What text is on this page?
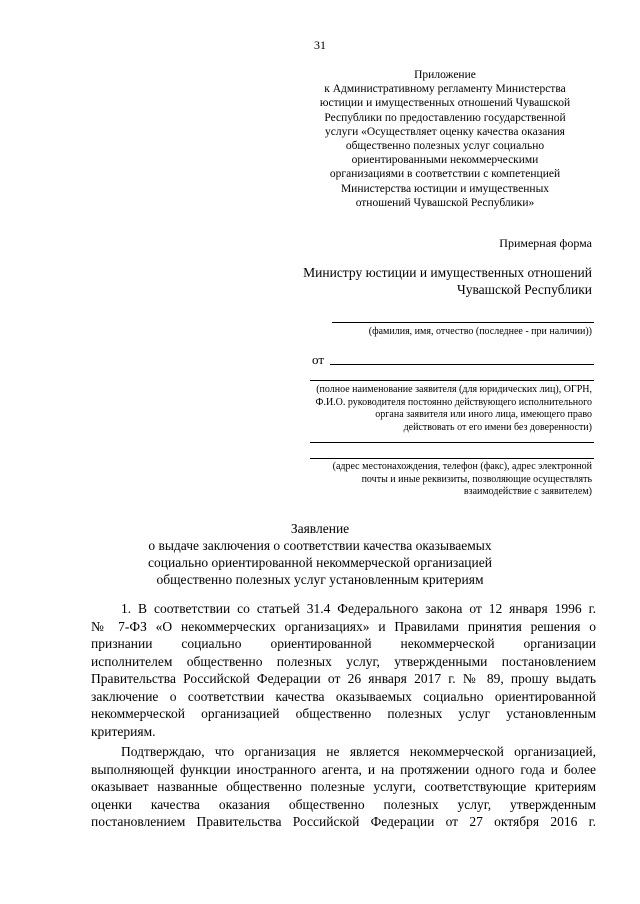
31
Приложение
к Административному регламенту Министерства
юстиции и имущественных отношений Чувашской
Республики по предоставлению государственной
услуги «Осуществляет оценку качества оказания
общественно полезных услуг социально
ориентированными некоммерческими
организациями в соответствии с компетенцией
Министерства юстиции и имущественных
отношений Чувашской Республики»
Примерная форма
Министру юстиции и имущественных отношений
Чувашской Республики
(фамилия, имя, отчество (последнее - при наличии))
от
(полное наименование заявителя (для юридических лиц), ОГРН,
Ф.И.О. руководителя постоянно действующего исполнительного
органа заявителя или иного лица, имеющего право
действовать от его имени без доверенности)
(адрес местонахождения, телефон (факс), адрес электронной
почты и иные реквизиты, позволяющие осуществлять
взаимодействие с заявителем)
Заявление
о выдаче заключения о соответствии качества оказываемых
социально ориентированной некоммерческой организацией
общественно полезных услуг установленным критериям
1. В соответствии со статьей 31.4 Федерального закона от 12 января 1996 г.
№ 7-ФЗ «О некоммерческих организациях» и Правилами принятия решения о
признании социально ориентированной некоммерческой организации
исполнителем общественно полезных услуг, утвержденными постановлением
Правительства Российской Федерации от 26 января 2017 г. № 89, прошу выдать
заключение о соответствии качества оказываемых социально ориентированной
некоммерческой организацией общественно полезных услуг установленным
критериям.
Подтверждаю, что организация не является некоммерческой организацией,
выполняющей функции иностранного агента, и на протяжении одного года и более
оказывает названные общественно полезные услуги, соответствующие критериям
оценки качества оказания общественно полезных услуг, утвержденным
постановлением Правительства Российской Федерации от 27 октября 2016 г.
